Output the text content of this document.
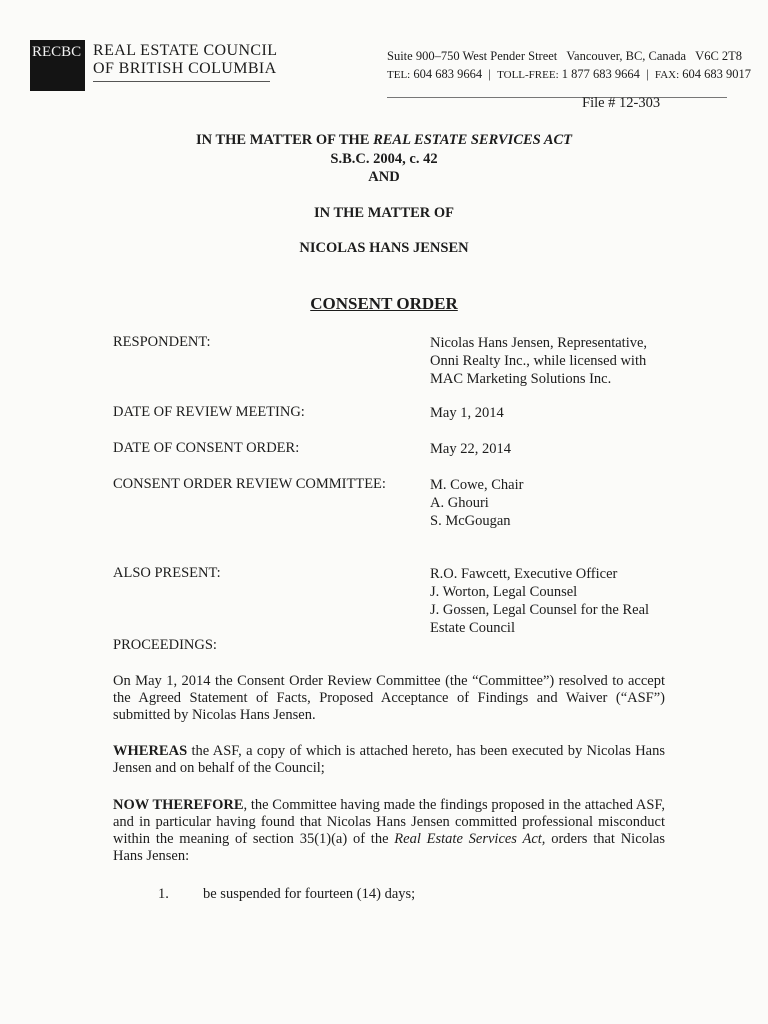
RECBC REAL ESTATE COUNCIL
OF BRITISH COLUMBIA
Suite 900–750 West Pender Street   Vancouver, BC, Canada   V6C 2T8
TEL: 604 683 9664  |  TOLL-FREE: 1 877 683 9664  |  FAX: 604 683 9017
File # 12-303
IN THE MATTER OF THE REAL ESTATE SERVICES ACT
S.B.C. 2004, c. 42
AND
IN THE MATTER OF
NICOLAS HANS JENSEN
CONSENT ORDER
RESPONDENT:	Nicolas Hans Jensen, Representative,
Onni Realty Inc., while licensed with
MAC Marketing Solutions Inc.
DATE OF REVIEW MEETING:	May 1, 2014
DATE OF CONSENT ORDER:	May 22, 2014
CONSENT ORDER REVIEW COMMITTEE:	M. Cowe, Chair
A. Ghouri
S. McGougan
ALSO PRESENT:	R.O. Fawcett, Executive Officer
J. Worton, Legal Counsel
J. Gossen, Legal Counsel for the Real
Estate Council
PROCEEDINGS:
On May 1, 2014 the Consent Order Review Committee (the “Committee”) resolved to accept the Agreed Statement of Facts, Proposed Acceptance of Findings and Waiver (“ASF”) submitted by Nicolas Hans Jensen.
WHEREAS the ASF, a copy of which is attached hereto, has been executed by Nicolas Hans Jensen and on behalf of the Council;
NOW THEREFORE, the Committee having made the findings proposed in the attached ASF, and in particular having found that Nicolas Hans Jensen committed professional misconduct within the meaning of section 35(1)(a) of the Real Estate Services Act, orders that Nicolas Hans Jensen:
1. be suspended for fourteen (14) days;
